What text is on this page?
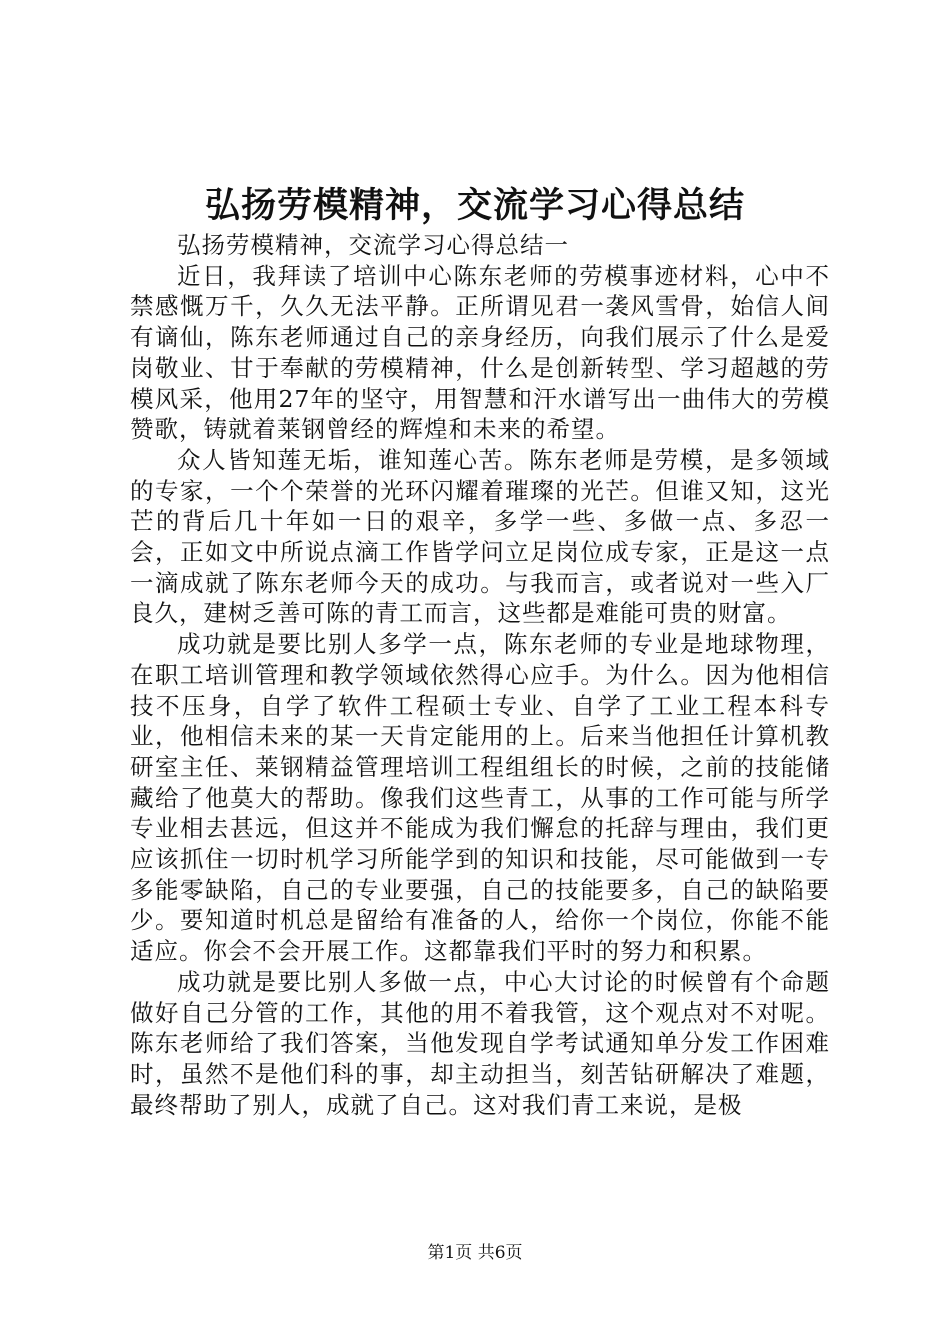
弘扬劳模精神，交流学习心得总结

弘扬劳模精神，交流学习心得总结一

近日，我拜读了培训中心陈东老师的劳模事迹材料，心中不禁感慨万千，久久无法平静。正所谓见君一袭风雪骨，始信人间有谪仙，陈东老师通过自己的亲身经历，向我们展示了什么是爱岗敬业、甘于奉献的劳模精神，什么是创新转型、学习超越的劳模风采，他用27年的坚守，用智慧和汗水谱写出一曲伟大的劳模赞歌，铸就着莱钢曾经的辉煌和未来的希望。

众人皆知莲无垢，谁知莲心苦。陈东老师是劳模，是多领域的专家，一个个荣誉的光环闪耀着璀璨的光芒。但谁又知，这光芒的背后几十年如一日的艰辛，多学一些、多做一点、多忍一会，正如文中所说点滴工作皆学问立足岗位成专家，正是这一点一滴成就了陈东老师今天的成功。与我而言，或者说对一些入厂良久，建树乏善可陈的青工而言，这些都是难能可贵的财富。

成功就是要比别人多学一点，陈东老师的专业是地球物理，在职工培训管理和教学领域依然得心应手。为什么。因为他相信技不压身，自学了软件工程硕士专业、自学了工业工程本科专业，他相信未来的某一天肯定能用的上。后来当他担任计算机教研室主任、莱钢精益管理培训工程组组长的时候，之前的技能储藏给了他莫大的帮助。像我们这些青工，从事的工作可能与所学专业相去甚远，但这并不能成为我们懈怠的托辞与理由，我们更应该抓住一切时机学习所能学到的知识和技能，尽可能做到一专多能零缺陷，自己的专业要强，自己的技能要多，自己的缺陷要少。要知道时机总是留给有准备的人，给你一个岗位，你能不能适应。你会不会开展工作。这都靠我们平时的努力和积累。

成功就是要比别人多做一点，中心大讨论的时候曾有个命题做好自己分管的工作，其他的用不着我管，这个观点对不对呢。陈东老师给了我们答案，当他发现自学考试通知单分发工作困难时，虽然不是他们科的事，却主动担当，刻苦钻研解决了难题，最终帮助了别人，成就了自己。这对我们青工来说，是极

第1页 共6页
